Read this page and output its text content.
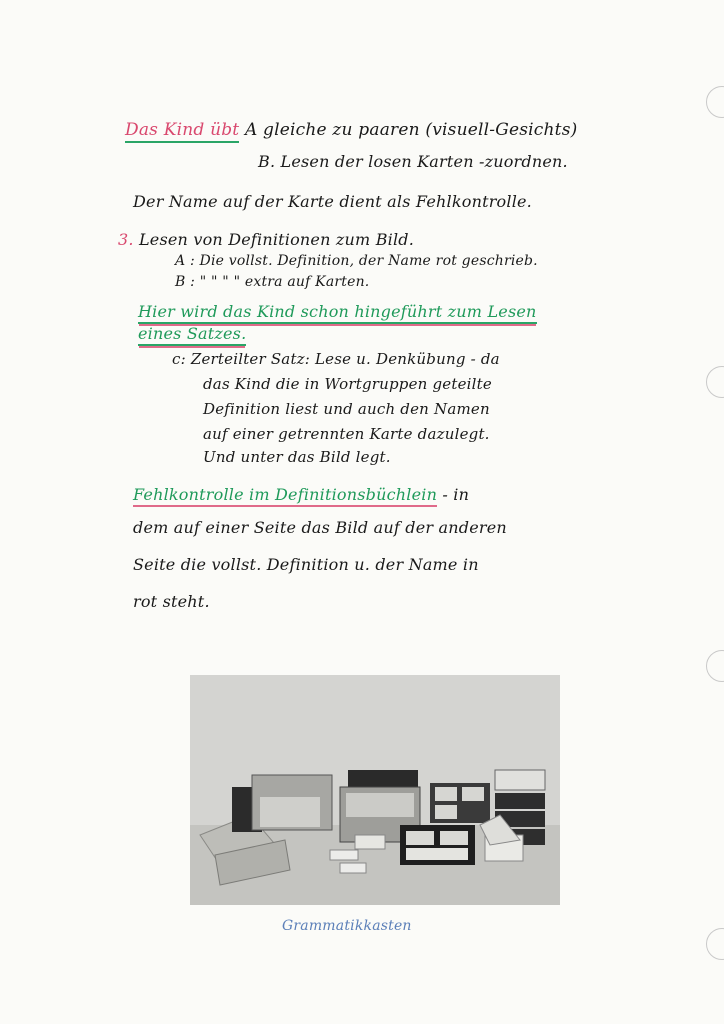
Das Kind übt A gleiche zu paaren (visuell-Gesichts)
B. Lesen der losen Karten -zuordnen.
Der Name auf der Karte dient als Fehlkontrolle.
3. Lesen von Definitionen zum Bild.
A : Die vollst. Definition, der Name rot geschrieb.
B : " " " " extra auf Karten.
Hier wird das Kind schon hingeführt zum Lesen
eines Satzes.
c: Zerteilter Satz: Lese u. Denkübung - da
das Kind die in Wortgruppen geteilte
Definition liest und auch den Namen
auf einer getrennten Karte dazulegt.
Und unter das Bild legt.
Fehlkontrolle im Definitionsbüchlein - in
dem auf einer Seite das Bild auf der anderen
Seite die vollst. Definition u. der Name in
rot steht.
Grammatikkasten
